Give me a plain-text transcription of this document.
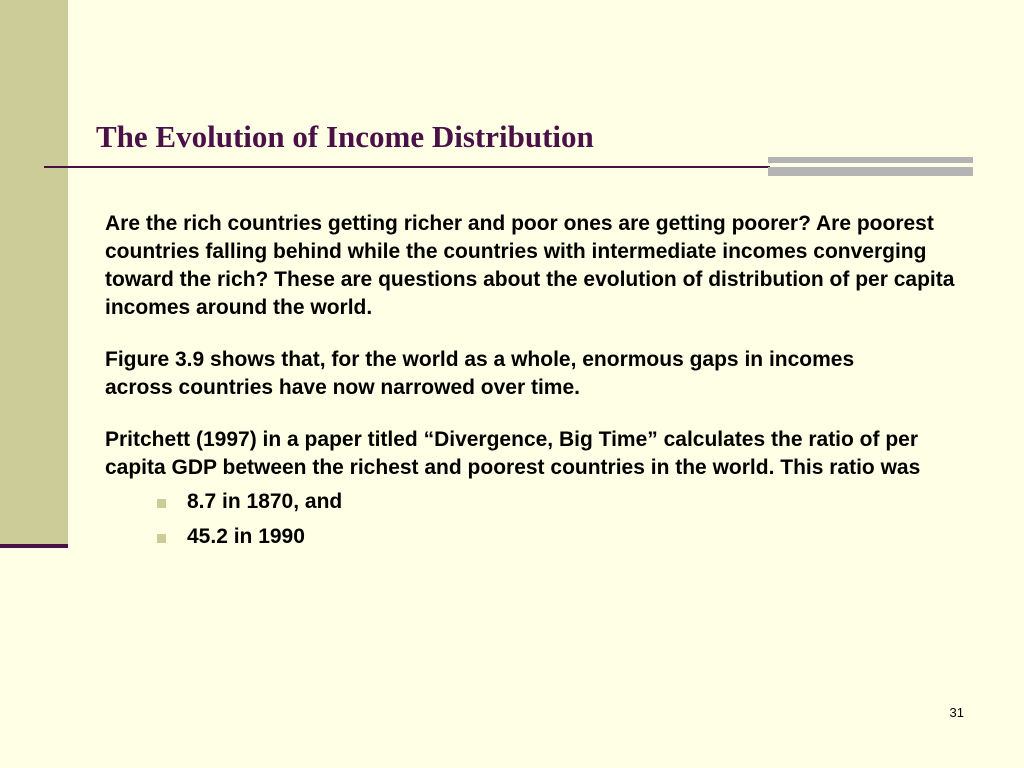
The Evolution of Income Distribution

Are the rich countries getting richer and poor ones are getting poorer? Are poorest countries falling behind while the countries with intermediate incomes converging toward the rich? These are questions about the evolution of distribution of per capita incomes around the world.

Figure 3.9 shows that, for the world as a whole, enormous gaps in incomes across countries have now narrowed over time.

Pritchett (1997) in a paper titled “Divergence, Big Time” calculates the ratio of per capita GDP between the richest and poorest countries in the world. This ratio was

8.7 in 1870, and
45.2 in 1990
31
